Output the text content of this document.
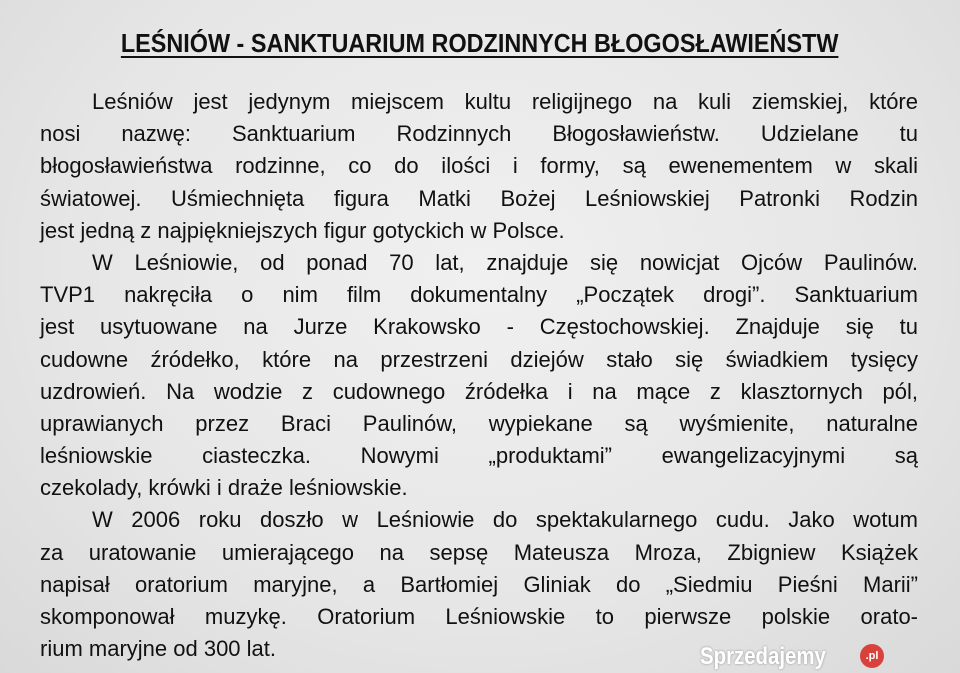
LEŚNIÓW - SANKTUARIUM RODZINNYCH BŁOGOSŁAWIEŃSTW
Leśniów jest jedynym miejscem kultu religijnego na kuli ziemskiej, które
nosi nazwę: Sanktuarium Rodzinnych Błogosławieństw. Udzielane tu
błogosławieństwa rodzinne, co do ilości i formy, są ewenementem w skali
światowej. Uśmiechnięta figura Matki Bożej Leśniowskiej Patronki Rodzin
jest jedną z najpiękniejszych figur gotyckich w Polsce.
W Leśniowie, od ponad 70 lat, znajduje się nowicjat Ojców Paulinów.
TVP1 nakręciła o nim film dokumentalny „Początek drogi”. Sanktuarium
jest usytuowane na Jurze Krakowsko - Częstochowskiej. Znajduje się tu
cudowne źródełko, które na przestrzeni dziejów stało się świadkiem tysięcy
uzdrowień. Na wodzie z cudownego źródełka i na mące z klasztornych pól,
uprawianych przez Braci Paulinów, wypiekane są wyśmienite, naturalne
leśniowskie ciasteczka. Nowymi „produktami” ewangelizacyjnymi są
czekolady, krówki i draże leśniowskie.
W 2006 roku doszło w Leśniowie do spektakularnego cudu. Jako wotum
za uratowanie umierającego na sepsę Mateusza Mroza, Zbigniew Książek
napisał oratorium maryjne, a Bartłomiej Gliniak do „Siedmiu Pieśni Marii”
skomponował muzykę. Oratorium Leśniowskie to pierwsze polskie orato-
rium maryjne od 300 lat.	Sprzedajemy	.pl
